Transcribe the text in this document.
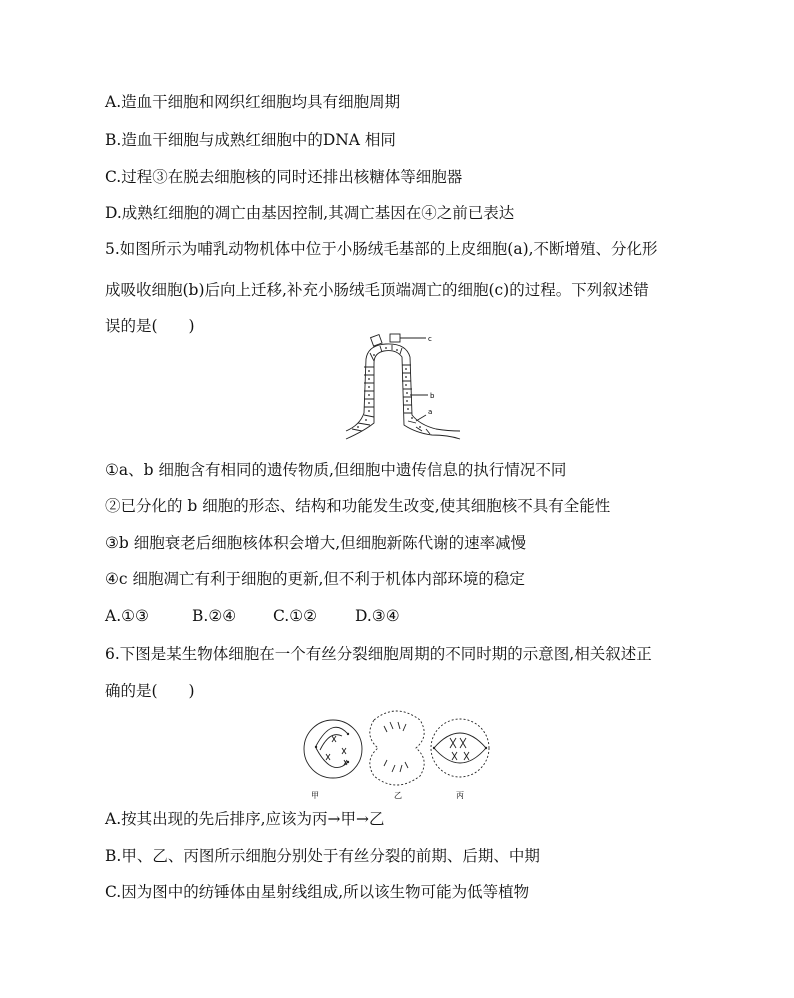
A.造血干细胞和网织红细胞均具有细胞周期
B.造血干细胞与成熟红细胞中的DNA 相同
C.过程③在脱去细胞核的同时还排出核糖体等细胞器
D.成熟红细胞的凋亡由基因控制,其凋亡基因在④之前已表达
5.如图所示为哺乳动物机体中位于小肠绒毛基部的上皮细胞(a),不断增殖、分化形
成吸收细胞(b)后向上迁移,补充小肠绒毛顶端凋亡的细胞(c)的过程。下列叙述错
误的是(　　)
c
b
a
①a、b 细胞含有相同的遗传物质,但细胞中遗传信息的执行情况不同
②已分化的 b 细胞的形态、结构和功能发生改变,使其细胞核不具有全能性
③b 细胞衰老后细胞核体积会增大,但细胞新陈代谢的速率减慢
④c 细胞凋亡有利于细胞的更新,但不利于机体内部环境的稳定
A.①③	B.②④ C.①② D.③④
6.下图是某生物体细胞在一个有丝分裂细胞周期的不同时期的示意图,相关叙述正
确的是(　　)
甲	乙	丙
A.按其出现的先后排序,应该为丙→甲→乙
B.甲、乙、丙图所示细胞分别处于有丝分裂的前期、后期、中期
C.因为图中的纺锤体由星射线组成,所以该生物可能为低等植物
